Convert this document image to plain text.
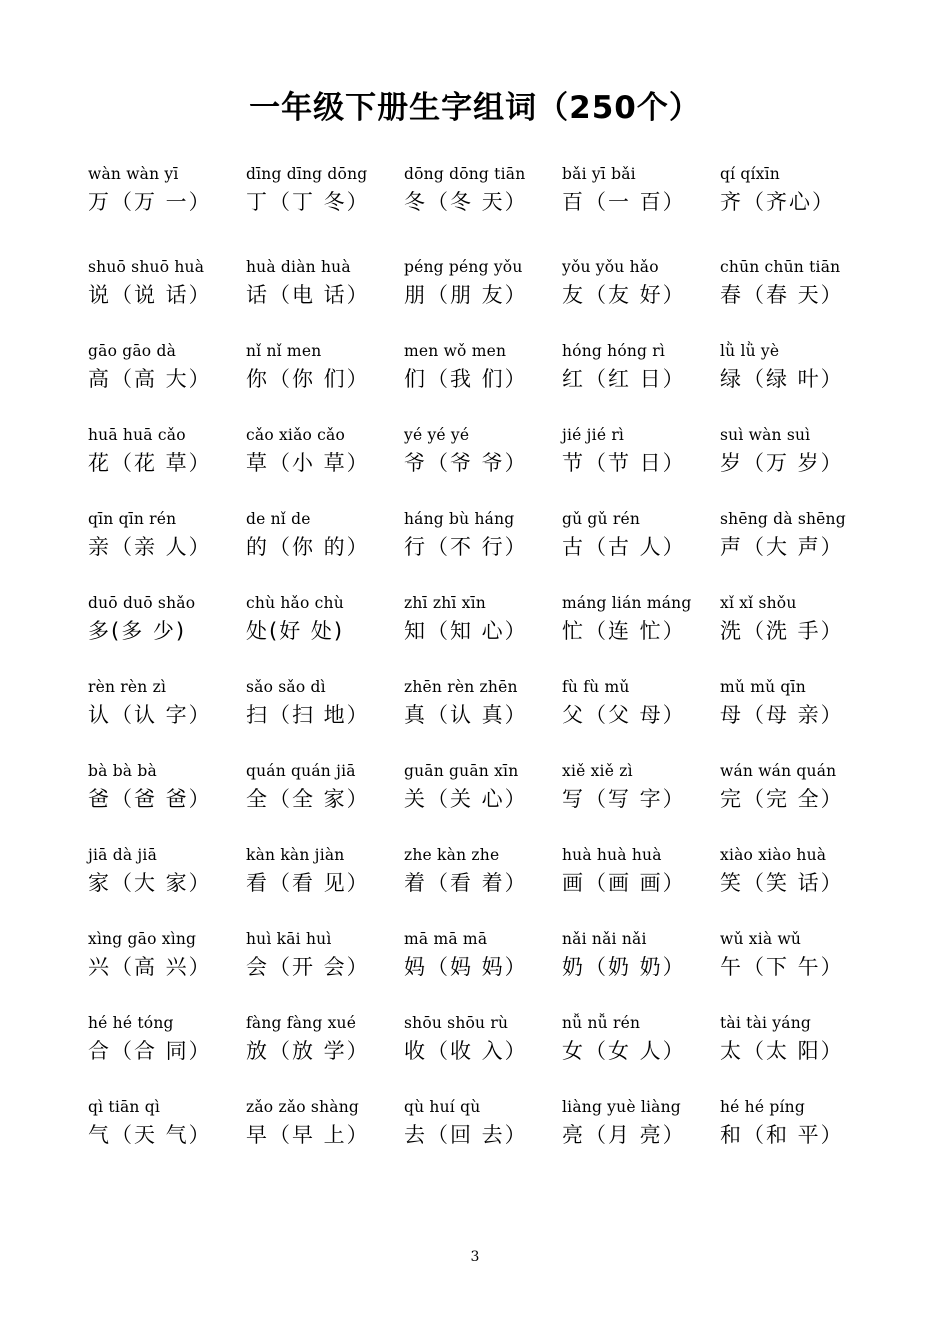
一年级下册生字组词（250个）
wàn wàn yī
万（万 一）
dīng dīng dōng
丁（丁 冬）
dōng dōng tiān
冬（冬 天）
bǎi yī bǎi
百（一 百）
qí qíxīn
齐（齐心）
shuō shuō huà
说（说 话）
huà diàn huà
话（电 话）
péng péng yǒu
朋（朋 友）
yǒu yǒu hǎo
友（友 好）
chūn chūn tiān
春（春 天）
gāo gāo dà
高（高 大）
nǐ nǐ men
你（你 们）
men wǒ men
们（我 们）
hóng hóng rì
红（红 日）
lǜ lǜ yè
绿（绿 叶）
huā huā cǎo
花（花 草）
cǎo xiǎo cǎo
草（小 草）
yé yé yé
爷（爷 爷）
jié jié rì
节（节 日）
suì wàn suì
岁（万 岁）
qīn qīn rén
亲（亲 人）
de nǐ de
的（你 的）
háng bù háng
行（不 行）
gǔ gǔ rén
古（古 人）
shēng dà shēng
声（大 声）
duō duō shǎo
多(多 少)
chù hǎo chù
处(好 处)
zhī zhī xīn
知（知 心）
máng lián máng
忙（连 忙）
xǐ xǐ shǒu
洗（洗 手）
rèn rèn zì
认（认 字）
sǎo sǎo dì
扫（扫 地）
zhēn rèn zhēn
真（认 真）
fù fù mǔ
父（父 母）
mǔ mǔ qīn
母（母 亲）
bà bà bà
爸（爸 爸）
quán quán jiā
全（全 家）
guān guān xīn
关（关 心）
xiě xiě zì
写（写 字）
wán wán quán
完（完 全）
jiā dà jiā
家（大 家）
kàn kàn jiàn
看（看 见）
zhe kàn zhe
着（看 着）
huà huà huà
画（画 画）
xiào xiào huà
笑（笑 话）
xìng gāo xìng
兴（高 兴）
huì kāi huì
会（开 会）
mā mā mā
妈（妈 妈）
nǎi nǎi nǎi
奶（奶 奶）
wǔ xià wǔ
午（下 午）
hé hé tóng
合（合 同）
fàng fàng xué
放（放 学）
shōu shōu rù
收（收 入）
nǚ nǚ rén
女（女 人）
tài tài yáng
太（太 阳）
qì tiān qì
气（天 气）
zǎo zǎo shàng
早（早 上）
qù huí qù
去（回 去）
liàng yuè liàng
亮（月 亮）
hé hé píng
和（和 平）
3
